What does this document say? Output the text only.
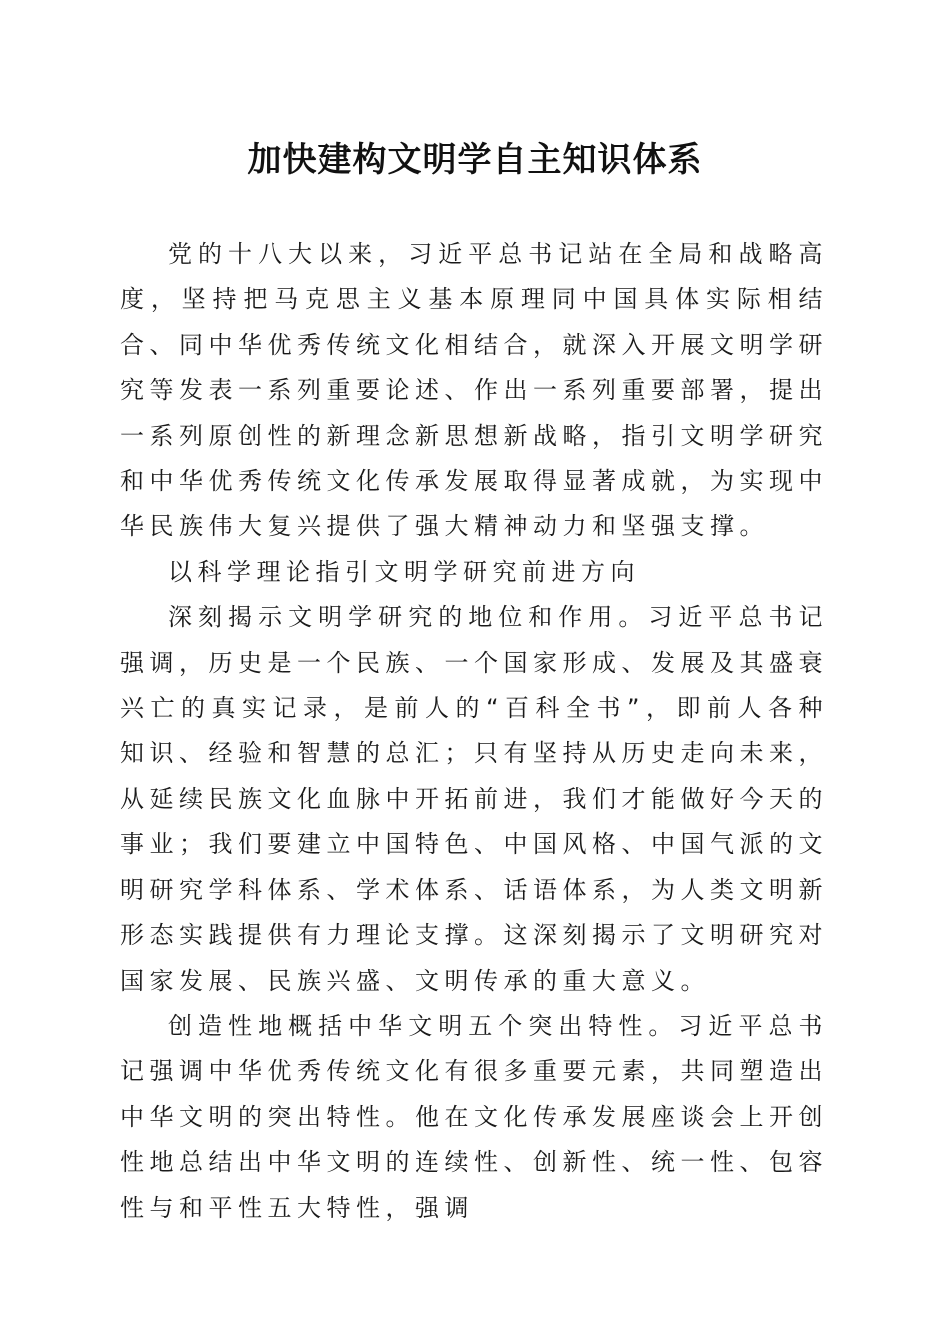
加快建构文明学自主知识体系

党的十八大以来，习近平总书记站在全局和战略高度，坚持把马克思主义基本原理同中国具体实际相结合、同中华优秀传统文化相结合，就深入开展文明学研究等发表一系列重要论述、作出一系列重要部署，提出一系列原创性的新理念新思想新战略，指引文明学研究和中华优秀传统文化传承发展取得显著成就，为实现中华民族伟大复兴提供了强大精神动力和坚强支撑。

以科学理论指引文明学研究前进方向

深刻揭示文明学研究的地位和作用。习近平总书记强调，历史是一个民族、一个国家形成、发展及其盛衰兴亡的真实记录，是前人的“百科全书”，即前人各种知识、经验和智慧的总汇；只有坚持从历史走向未来，从延续民族文化血脉中开拓前进，我们才能做好今天的事业；我们要建立中国特色、中国风格、中国气派的文明研究学科体系、学术体系、话语体系，为人类文明新形态实践提供有力理论支撑。这深刻揭示了文明研究对国家发展、民族兴盛、文明传承的重大意义。

创造性地概括中华文明五个突出特性。习近平总书记强调中华优秀传统文化有很多重要元素，共同塑造出中华文明的突出特性。他在文化传承发展座谈会上开创性地总结出中华文明的连续性、创新性、统一性、包容性与和平性五大特性，强调
